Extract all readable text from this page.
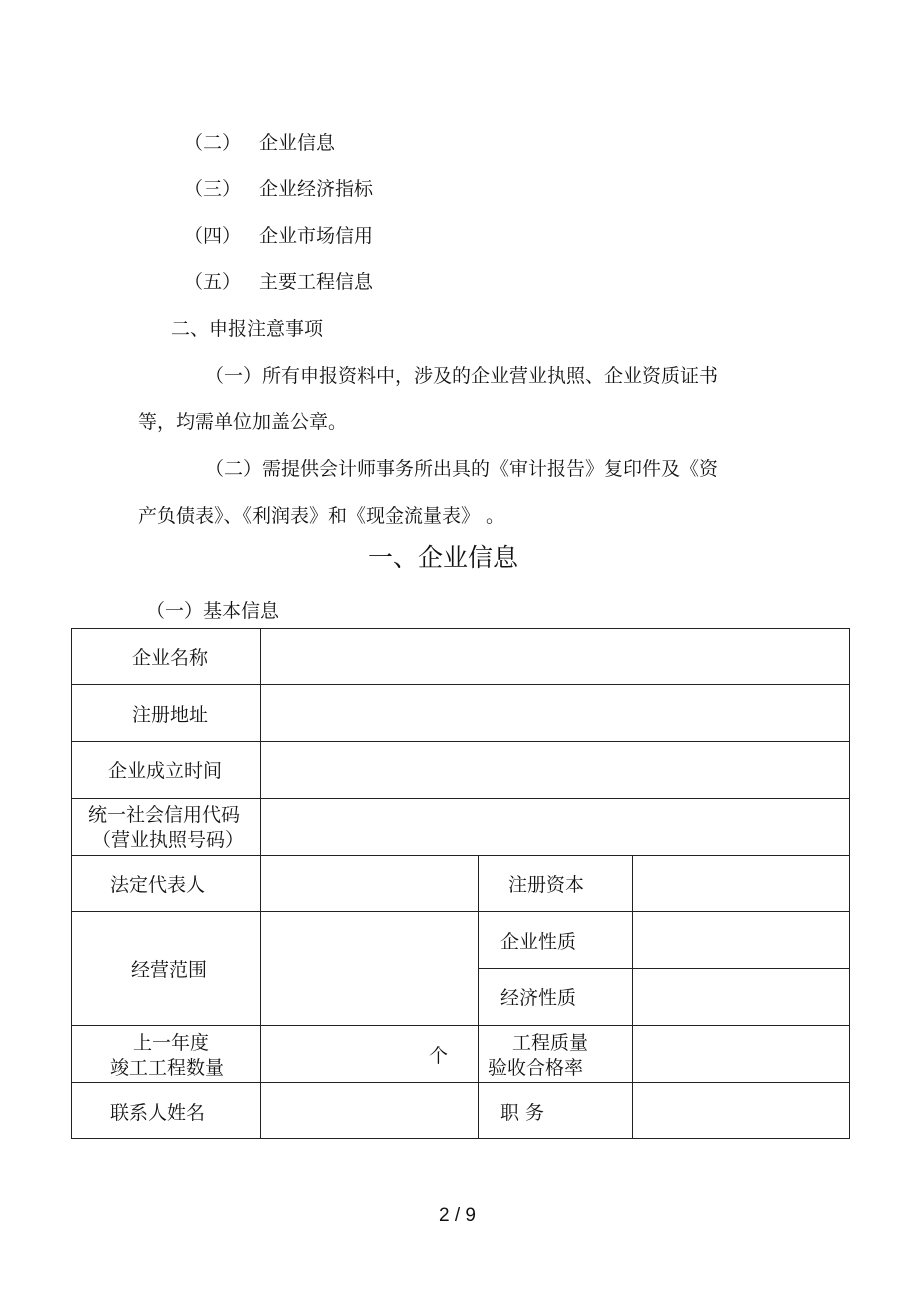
（二） 企业信息
（三） 企业经济指标
（四） 企业市场信用
（五） 主要工程信息
二、申报注意事项
（一）所有申报资料中，涉及的企业营业执照、企业资质证书
等，均需单位加盖公章。
（二）需提供会计师事务所出具的《审计报告》复印件及《资
产负债表》、《利润表》和《现金流量表》 。
一、企业信息
（一）基本信息
企业名称
注册地址
企业成立时间
统一社会信用代码
（营业执照号码）
法定代表人	注册资本
经营范围
企业性质
经济性质
上一年度
竣工工程数量
个
工程质量
验收合格率
联系人姓名	职 务
2 / 9
